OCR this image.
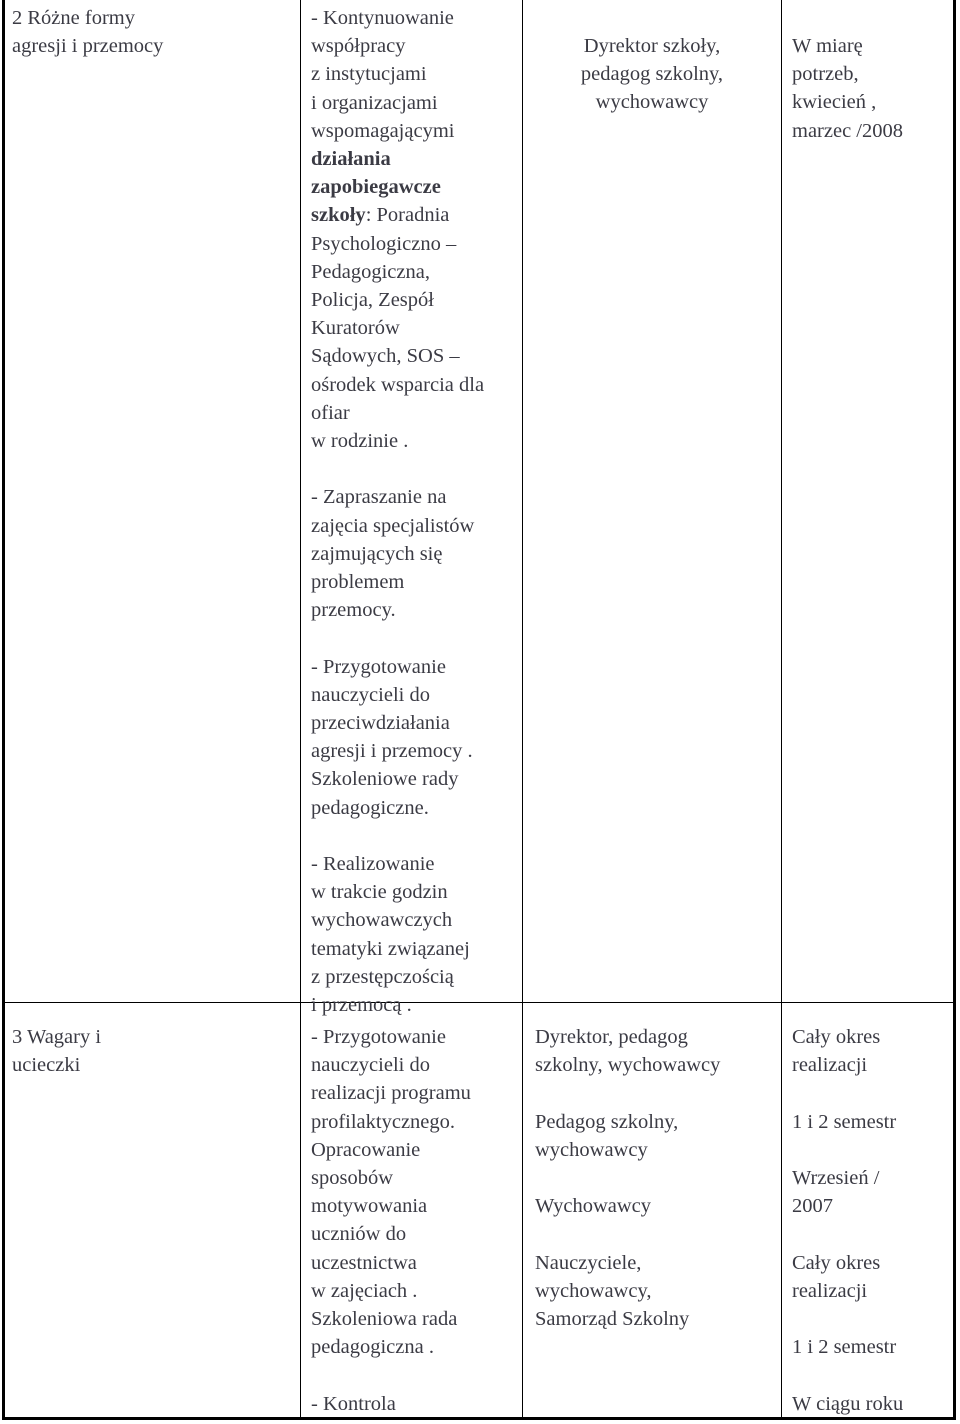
2 Różne formy
agresji i przemocy

- Kontynuowanie
współpracy
z instytucjami
i organizacjami
wspomagającymi
działania
zapobiegawcze
szkoły: Poradnia
Psychologiczno –
Pedagogiczna,
Policja, Zespół
Kuratorów
Sądowych, SOS –
ośrodek wsparcia dla
ofiar
w rodzinie .

- Zapraszanie na
zajęcia specjalistów
zajmujących się
problemem
przemocy.

- Przygotowanie
nauczycieli do
przeciwdziałania
agresji i przemocy .
Szkoleniowe rady
pedagogiczne.

- Realizowanie
w trakcie godzin
wychowawczych
tematyki związanej
z przestępczością
i przemocą .

Dyrektor szkoły,
pedagog szkolny,
wychowawcy

W miarę
potrzeb,
kwiecień ,
marzec /2008

3 Wagary i
ucieczki

- Przygotowanie
nauczycieli do
realizacji programu
profilaktycznego.

Opracowanie
sposobów
motywowania
uczniów do
uczestnictwa
w zajęciach .

Szkoleniowa rada
pedagogiczna .

- Kontrola

Dyrektor, pedagog
szkolny, wychowawcy

Pedagog szkolny,
wychowawcy

Wychowawcy

Nauczyciele,
wychowawcy,
Samorząd Szkolny

Cały okres
realizacji

1 i 2 semestr

Wrzesień /
2007

Cały okres
realizacji

1 i 2 semestr

W ciągu roku
